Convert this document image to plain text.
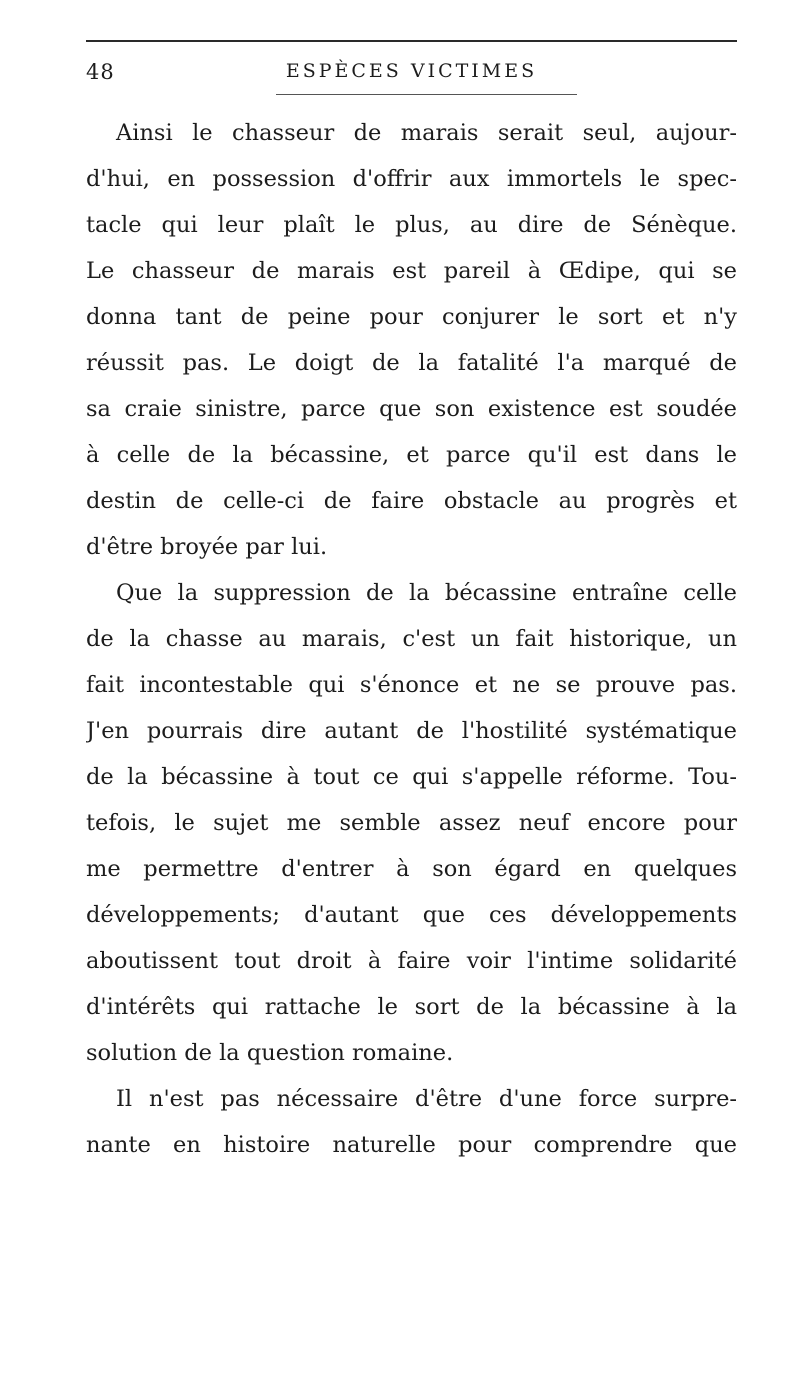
48	ESPÈCES VICTIMES
Ainsi le chasseur de marais serait seul, aujour-
d'hui, en possession d'offrir aux immortels le spec-
tacle qui leur plaît le plus, au dire de Sénèque.
Le chasseur de marais est pareil à Œdipe, qui se
donna tant de peine pour conjurer le sort et n'y
réussit pas. Le doigt de la fatalité l'a marqué de
sa craie sinistre, parce que son existence est soudée
à celle de la bécassine, et parce qu'il est dans le
destin de celle-ci de faire obstacle au progrès et
d'être broyée par lui.
Que la suppression de la bécassine entraîne celle
de la chasse au marais, c'est un fait historique, un
fait incontestable qui s'énonce et ne se prouve pas.
J'en pourrais dire autant de l'hostilité systématique
de la bécassine à tout ce qui s'appelle réforme. Tou-
tefois, le sujet me semble assez neuf encore pour
me permettre d'entrer à son égard en quelques
développements; d'autant que ces développements
aboutissent tout droit à faire voir l'intime solidarité
d'intérêts qui rattache le sort de la bécassine à la
solution de la question romaine.
Il n'est pas nécessaire d'être d'une force surpre-
nante en histoire naturelle pour comprendre que
